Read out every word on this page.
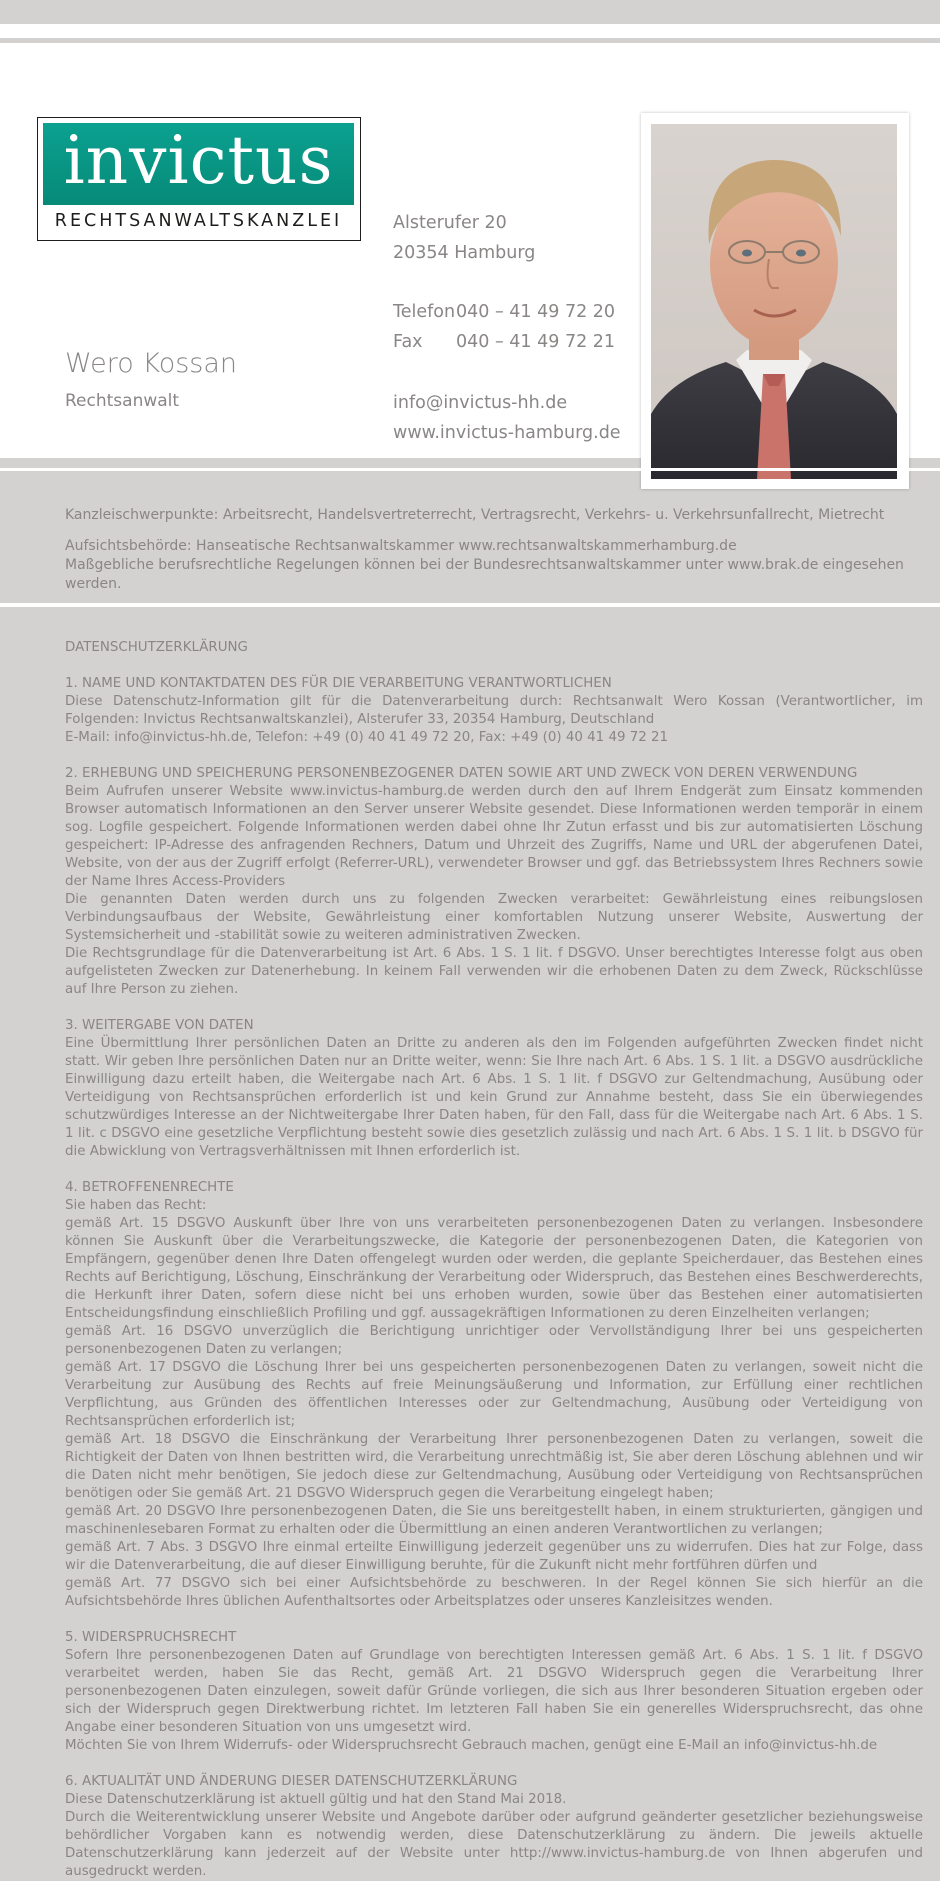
invictus
RECHTSANWALTSKANZLEI	Alsterufer 20
20354 Hamburg
Telefon040 – 41 49 72 20
Fax 040 – 41 49 72 21
info@invictus-hh.de
www.invictus-hamburg.de
Wero Kossan
Rechtsanwalt

Kanzleischwerpunkte: Arbeitsrecht, Handelsvertreterrecht, Vertragsrecht, Verkehrs- u. Verkehrsunfallrecht, Mietrecht

Aufsichtsbehörde: Hanseatische Rechtsanwaltskammer www.rechtsanwaltskammerhamburg.de

Maßgebliche berufsrechtliche Regelungen können bei der Bundesrechtsanwaltskammer unter www.brak.de eingesehen werden.

DATENSCHUTZERKLÄRUNG
1. NAME UND KONTAKTDATEN DES FÜR DIE VERARBEITUNG VERANTWORTLICHEN
Diese Datenschutz-Information gilt für die Datenverarbeitung durch: Rechtsanwalt Wero Kossan (Verantwortlicher, im Folgenden: Invictus Rechtsanwaltskanzlei), Alsterufer 33, 20354 Hamburg, Deutschland
E-Mail: info@invictus-hh.de, Telefon: +49 (0) 40 41 49 72 20, Fax: +49 (0) 40 41 49 72 21
2. ERHEBUNG UND SPEICHERUNG PERSONENBEZOGENER DATEN SOWIE ART UND ZWECK VON DEREN VERWENDUNG
Beim Aufrufen unserer Website www.invictus-hamburg.de werden durch den auf Ihrem Endgerät zum Einsatz kommenden Browser automatisch Informationen an den Server unserer Website gesendet. Diese Informationen werden temporär in einem sog. Logfile gespeichert. Folgende Informationen werden dabei ohne Ihr Zutun erfasst und bis zur automatisierten Löschung gespeichert: IP-Adresse des anfragenden Rechners, Datum und Uhrzeit des Zugriffs, Name und URL der abgerufenen Datei, Website, von der aus der Zugriff erfolgt (Referrer-URL), verwendeter Browser und ggf. das Betriebssystem Ihres Rechners sowie der Name Ihres Access-Providers
Die genannten Daten werden durch uns zu folgenden Zwecken verarbeitet: Gewährleistung eines reibungslosen Verbindungsaufbaus der Website, Gewährleistung einer komfortablen Nutzung unserer Website, Auswertung der Systemsicherheit und -stabilität sowie zu weiteren administrativen Zwecken.
Die Rechtsgrundlage für die Datenverarbeitung ist Art. 6 Abs. 1 S. 1 lit. f DSGVO. Unser berechtigtes Interesse folgt aus oben aufgelisteten Zwecken zur Datenerhebung. In keinem Fall verwenden wir die erhobenen Daten zu dem Zweck, Rückschlüsse auf Ihre Person zu ziehen.
3. WEITERGABE VON DATEN
Eine Übermittlung Ihrer persönlichen Daten an Dritte zu anderen als den im Folgenden aufgeführten Zwecken findet nicht statt. Wir geben Ihre persönlichen Daten nur an Dritte weiter, wenn: Sie Ihre nach Art. 6 Abs. 1 S. 1 lit. a DSGVO ausdrückliche Einwilligung dazu erteilt haben, die Weitergabe nach Art. 6 Abs. 1 S. 1 lit. f DSGVO zur Geltendmachung, Ausübung oder Verteidigung von Rechtsansprüchen erforderlich ist und kein Grund zur Annahme besteht, dass Sie ein überwiegendes schutzwürdiges Interesse an der Nichtweitergabe Ihrer Daten haben, für den Fall, dass für die Weitergabe nach Art. 6 Abs. 1 S. 1 lit. c DSGVO eine gesetzliche Verpflichtung besteht sowie dies gesetzlich zulässig und nach Art. 6 Abs. 1 S. 1 lit. b DSGVO für die Abwicklung von Vertragsverhältnissen mit Ihnen erforderlich ist.
4. BETROFFENENRECHTE
Sie haben das Recht:
gemäß Art. 15 DSGVO Auskunft über Ihre von uns verarbeiteten personenbezogenen Daten zu verlangen. Insbesondere können Sie Auskunft über die Verarbeitungszwecke, die Kategorie der personenbezogenen Daten, die Kategorien von Empfängern, gegenüber denen Ihre Daten offengelegt wurden oder werden, die geplante Speicherdauer, das Bestehen eines Rechts auf Berichtigung, Löschung, Einschränkung der Verarbeitung oder Widerspruch, das Bestehen eines Beschwerderechts, die Herkunft ihrer Daten, sofern diese nicht bei uns erhoben wurden, sowie über das Bestehen einer automatisierten Entscheidungsfindung einschließlich Profiling und ggf. aussagekräftigen Informationen zu deren Einzelheiten verlangen;
gemäß Art. 16 DSGVO unverzüglich die Berichtigung unrichtiger oder Vervollständigung Ihrer bei uns gespeicherten personenbezogenen Daten zu verlangen;
gemäß Art. 17 DSGVO die Löschung Ihrer bei uns gespeicherten personenbezogenen Daten zu verlangen, soweit nicht die Verarbeitung zur Ausübung des Rechts auf freie Meinungsäußerung und Information, zur Erfüllung einer rechtlichen Verpflichtung, aus Gründen des öffentlichen Interesses oder zur Geltendmachung, Ausübung oder Verteidigung von Rechtsansprüchen erforderlich ist;
gemäß Art. 18 DSGVO die Einschränkung der Verarbeitung Ihrer personenbezogenen Daten zu verlangen, soweit die Richtigkeit der Daten von Ihnen bestritten wird, die Verarbeitung unrechtmäßig ist, Sie aber deren Löschung ablehnen und wir die Daten nicht mehr benötigen, Sie jedoch diese zur Geltendmachung, Ausübung oder Verteidigung von Rechtsansprüchen benötigen oder Sie gemäß Art. 21 DSGVO Widerspruch gegen die Verarbeitung eingelegt haben;
gemäß Art. 20 DSGVO Ihre personenbezogenen Daten, die Sie uns bereitgestellt haben, in einem strukturierten, gängigen und maschinenlesebaren Format zu erhalten oder die Übermittlung an einen anderen Verantwortlichen zu verlangen;
gemäß Art. 7 Abs. 3 DSGVO Ihre einmal erteilte Einwilligung jederzeit gegenüber uns zu widerrufen. Dies hat zur Folge, dass wir die Datenverarbeitung, die auf dieser Einwilligung beruhte, für die Zukunft nicht mehr fortführen dürfen und
gemäß Art. 77 DSGVO sich bei einer Aufsichtsbehörde zu beschweren. In der Regel können Sie sich hierfür an die Aufsichtsbehörde Ihres üblichen Aufenthaltsortes oder Arbeitsplatzes oder unseres Kanzleisitzes wenden.
5. WIDERSPRUCHSRECHT
Sofern Ihre personenbezogenen Daten auf Grundlage von berechtigten Interessen gemäß Art. 6 Abs. 1 S. 1 lit. f DSGVO verarbeitet werden, haben Sie das Recht, gemäß Art. 21 DSGVO Widerspruch gegen die Verarbeitung Ihrer personenbezogenen Daten einzulegen, soweit dafür Gründe vorliegen, die sich aus Ihrer besonderen Situation ergeben oder sich der Widerspruch gegen Direktwerbung richtet. Im letzteren Fall haben Sie ein generelles Widerspruchsrecht, das ohne Angabe einer besonderen Situation von uns umgesetzt wird.
Möchten Sie von Ihrem Widerrufs- oder Widerspruchsrecht Gebrauch machen, genügt eine E-Mail an info@invictus-hh.de
6. AKTUALITÄT UND ÄNDERUNG DIESER DATENSCHUTZERKLÄRUNG
Diese Datenschutzerklärung ist aktuell gültig und hat den Stand Mai 2018.
Durch die Weiterentwicklung unserer Website und Angebote darüber oder aufgrund geänderter gesetzlicher beziehungsweise behördlicher Vorgaben kann es notwendig werden, diese Datenschutzerklärung zu ändern. Die jeweils aktuelle Datenschutzerklärung kann jederzeit auf der Website unter http://www.invictus-hamburg.de von Ihnen abgerufen und ausgedruckt werden.
